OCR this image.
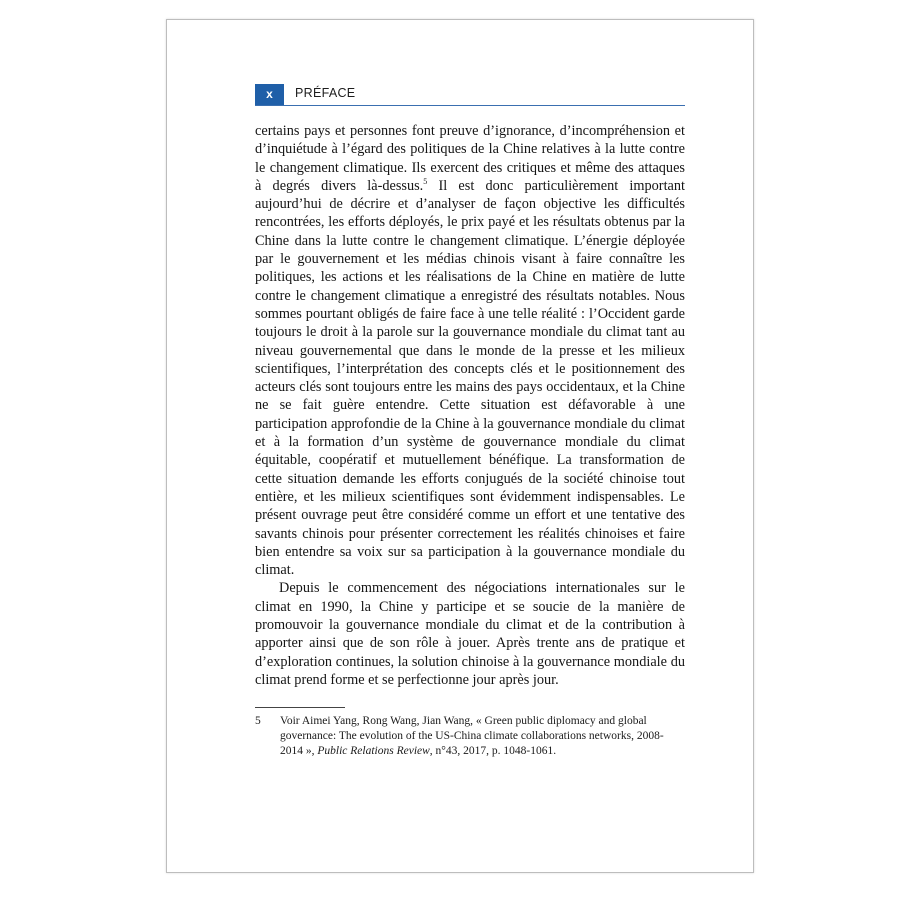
x	PRÉFACE

certains pays et personnes font preuve d’ignorance, d’incompréhension et d’inquiétude à l’égard des politiques de la Chine relatives à la lutte contre le changement climatique. Ils exercent des critiques et même des attaques à degrés divers là-dessus.$^5$ Il est donc particulièrement important aujourd’hui de décrire et d’analyser de façon objective les difficultés rencontrées, les efforts déployés, le prix payé et les résultats obtenus par la Chine dans la lutte contre le changement climatique. L’énergie déployée par le gouvernement et les médias chinois visant à faire connaître les politiques, les actions et les réalisations de la Chine en matière de lutte contre le changement climatique a enregistré des résultats notables. Nous sommes pourtant obligés de faire face à une telle réalité : l’Occident garde toujours le droit à la parole sur la gouvernance mondiale du climat tant au niveau gouvernemental que dans le monde de la presse et les milieux scientifiques, l’interprétation des concepts clés et le positionnement des acteurs clés sont toujours entre les mains des pays occidentaux, et la Chine ne se fait guère entendre. Cette situation est défavorable à une participation approfondie de la Chine à la gouvernance mondiale du climat et à la formation d’un système de gouvernance mondiale du climat équitable, coopératif et mutuellement bénéfique. La transformation de cette situation demande les efforts conjugués de la société chinoise tout entière, et les milieux scientifiques sont évidemment indispensables. Le présent ouvrage peut être considéré comme un effort et une tentative des savants chinois pour présenter correctement les réalités chinoises et faire bien entendre sa voix sur sa participation à la gouvernance mondiale du climat.

Depuis le commencement des négociations internationales sur le climat en 1990, la Chine y participe et se soucie de la manière de promouvoir la gouvernance mondiale du climat et de la contribution à apporter ainsi que de son rôle à jouer. Après trente ans de pratique et d’exploration continues, la solution chinoise à la gouvernance mondiale du climat prend forme et se perfectionne jour après jour.

5 Voir Aimei Yang, Rong Wang, Jian Wang, « Green public diplomacy and global governance: The evolution of the US-China climate collaborations networks, 2008-2014 », Public Relations Review, n°43, 2017, p. 1048-1061.
